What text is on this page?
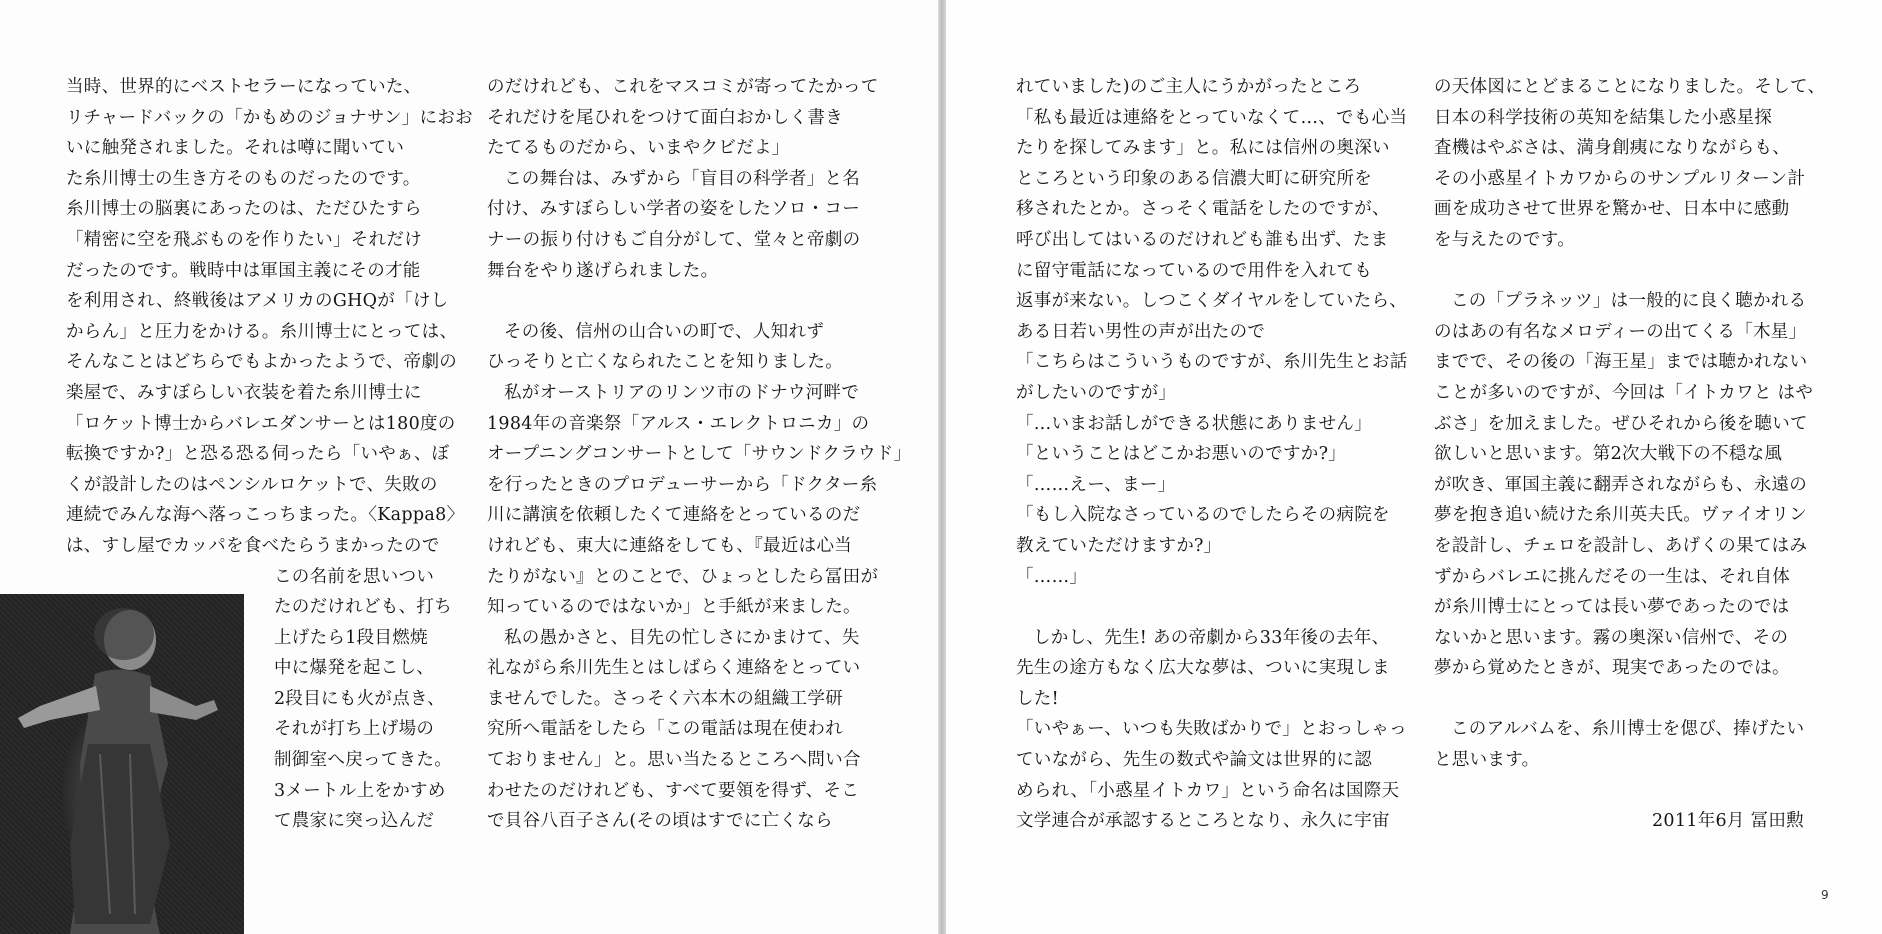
当時、世界的にベストセラーになっていた、
リチャードバックの「かもめのジョナサン」におお
いに触発されました。それは噂に聞いてい
た糸川博士の生き方そのものだったのです。
糸川博士の脳裏にあったのは、ただひたすら
「精密に空を飛ぶものを作りたい」それだけ
だったのです。戦時中は軍国主義にその才能
を利用され、終戦後はアメリカのGHQが「けし
からん」と圧力をかける。糸川博士にとっては、
そんなことはどちらでもよかったようで、帝劇の
楽屋で、みすぼらしい衣装を着た糸川博士に
「ロケット博士からバレエダンサーとは180度の
転換ですか?」と恐る恐る伺ったら「いやぁ、ぼ
くが設計したのはペンシルロケットで、失敗の
連続でみんな海へ落っこっちまった。〈Kappa8〉
は、すし屋でカッパを食べたらうまかったので
この名前を思いつい
たのだけれども、打ち
上げたら1段目燃焼
中に爆発を起こし、
2段目にも火が点き、
それが打ち上げ場の
制御室へ戻ってきた。
3メートル上をかすめ
て農家に突っ込んだ
のだけれども、これをマスコミが寄ってたかって
それだけを尾ひれをつけて面白おかしく書き
たてるものだから、いまやクビだよ」
この舞台は、みずから「盲目の科学者」と名
付け、みすぼらしい学者の姿をしたソロ・コー
ナーの振り付けもご自分がして、堂々と帝劇の
舞台をやり遂げられました。
その後、信州の山合いの町で、人知れず
ひっそりと亡くなられたことを知りました。
私がオーストリアのリンツ市のドナウ河畔で
1984年の音楽祭「アルス・エレクトロニカ」の
オープニングコンサートとして「サウンドクラウド」
を行ったときのプロデューサーから「ドクター糸
川に講演を依頼したくて連絡をとっているのだ
けれども、東大に連絡をしても、『最近は心当
たりがない』とのことで、ひょっとしたら冨田が
知っているのではないか」と手紙が来ました。
私の愚かさと、目先の忙しさにかまけて、失
礼ながら糸川先生とはしばらく連絡をとってい
ませんでした。さっそく六本木の組織工学研
究所へ電話をしたら「この電話は現在使われ
ておりません」と。思い当たるところへ問い合
わせたのだけれども、すべて要領を得ず、そこ
で貝谷八百子さん(その頃はすでに亡くなら
れていました)のご主人にうかがったところ
「私も最近は連絡をとっていなくて…、でも心当
たりを探してみます」と。私には信州の奥深い
ところという印象のある信濃大町に研究所を
移されたとか。さっそく電話をしたのですが、
呼び出してはいるのだけれども誰も出ず、たま
に留守電話になっているので用件を入れても
返事が来ない。しつこくダイヤルをしていたら、
ある日若い男性の声が出たので
「こちらはこういうものですが、糸川先生とお話
がしたいのですが」
「…いまお話しができる状態にありません」
「ということはどこかお悪いのですか?」
「……えー、まー」
「もし入院なさっているのでしたらその病院を
教えていただけますか?」
「……」
しかし、先生! あの帝劇から33年後の去年、
先生の途方もなく広大な夢は、ついに実現しま
した!
「いやぁー、いつも失敗ばかりで」とおっしゃっ
ていながら、先生の数式や論文は世界的に認
められ、「小惑星イトカワ」という命名は国際天
文学連合が承認するところとなり、永久に宇宙
の天体図にとどまることになりました。そして、
日本の科学技術の英知を結集した小惑星探
査機はやぶさは、満身創痍になりながらも、
その小惑星イトカワからのサンプルリターン計
画を成功させて世界を驚かせ、日本中に感動
を与えたのです。
この「プラネッツ」は一般的に良く聴かれる
のはあの有名なメロディーの出てくる「木星」
までで、その後の「海王星」までは聴かれない
ことが多いのですが、今回は「イトカワと はや
ぶさ」を加えました。ぜひそれから後を聴いて
欲しいと思います。第2次大戦下の不穏な風
が吹き、軍国主義に翻弄されながらも、永遠の
夢を抱き追い続けた糸川英夫氏。ヴァイオリン
を設計し、チェロを設計し、あげくの果てはみ
ずからバレエに挑んだその一生は、それ自体
が糸川博士にとっては長い夢であったのでは
ないかと思います。霧の奥深い信州で、その
夢から覚めたときが、現実であったのでは。
このアルバムを、糸川博士を偲び、捧げたい
と思います。
2011年6月 冨田勲
9
